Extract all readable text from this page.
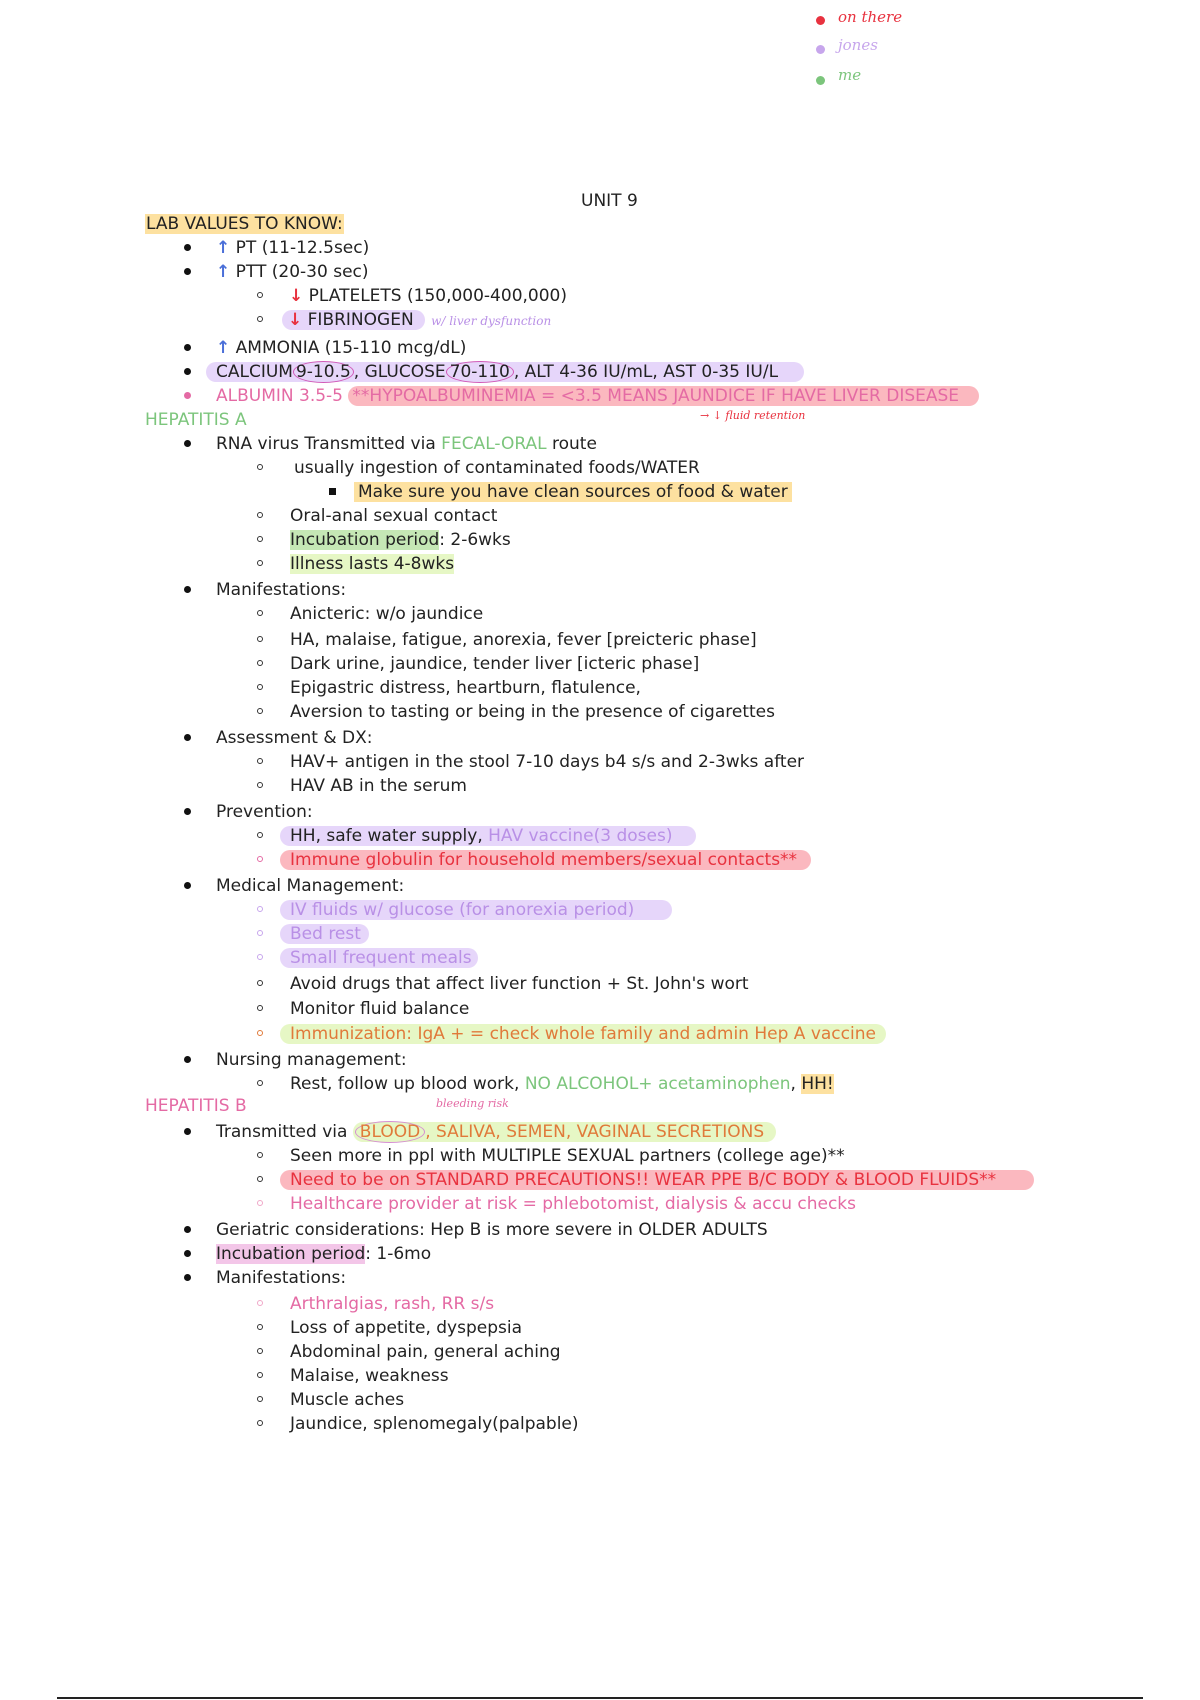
on there
jones
me
UNIT 9
LAB VALUES TO KNOW:
↑ PT (11-12.5sec)
↑ PTT (20-30 sec)
↓ PLATELETS (150,000-400,000)
↓ FIBRINOGEN w/ liver dysfunction
↑ AMMONIA (15-110 mcg/dL)
CALCIUM 9-10.5 , GLUCOSE 70-110 , ALT 4-36 IU/mL, AST 0-35 IU/L
ALBUMIN 3.5-5 **HYPOALBUMINEMIA = <3.5 MEANS JAUNDICE IF HAVE LIVER DISEASE
→ ↓ fluid retention
HEPATITIS A
RNA virus Transmitted via FECAL-ORAL route
usually ingestion of contaminated foods/WATER
Make sure you have clean sources of food & water
Oral-anal sexual contact
Incubation period: 2-6wks
Illness lasts 4-8wks
Manifestations:
Anicteric: w/o jaundice
HA, malaise, fatigue, anorexia, fever [preicteric phase]
Dark urine, jaundice, tender liver [icteric phase]
Epigastric distress, heartburn, flatulence,
Aversion to tasting or being in the presence of cigarettes
Assessment & DX:
HAV+ antigen in the stool 7-10 days b4 s/s and 2-3wks after
HAV AB in the serum
Prevention:
HH, safe water supply, HAV vaccine(3 doses)
Immune globulin for household members/sexual contacts**
Medical Management:
IV fluids w/ glucose (for anorexia period)
Bed rest
Small frequent meals
Avoid drugs that affect liver function + St. John's wort
Monitor fluid balance
Immunization: IgA + = check whole family and admin Hep A vaccine
Nursing management:
Rest, follow up blood work, NO ALCOHOL+ acetaminophen, HH!
HEPATITIS B	bleeding risk
Transmitted via BLOOD , SALIVA, SEMEN, VAGINAL SECRETIONS
Seen more in ppl with MULTIPLE SEXUAL partners (college age)**
Need to be on STANDARD PRECAUTIONS!! WEAR PPE B/C BODY & BLOOD FLUIDS**
Healthcare provider at risk = phlebotomist, dialysis & accu checks
Geriatric considerations: Hep B is more severe in OLDER ADULTS
Incubation period: 1-6mo
Manifestations:
Arthralgias, rash, RR s/s
Loss of appetite, dyspepsia
Abdominal pain, general aching
Malaise, weakness
Muscle aches
Jaundice, splenomegaly(palpable)
